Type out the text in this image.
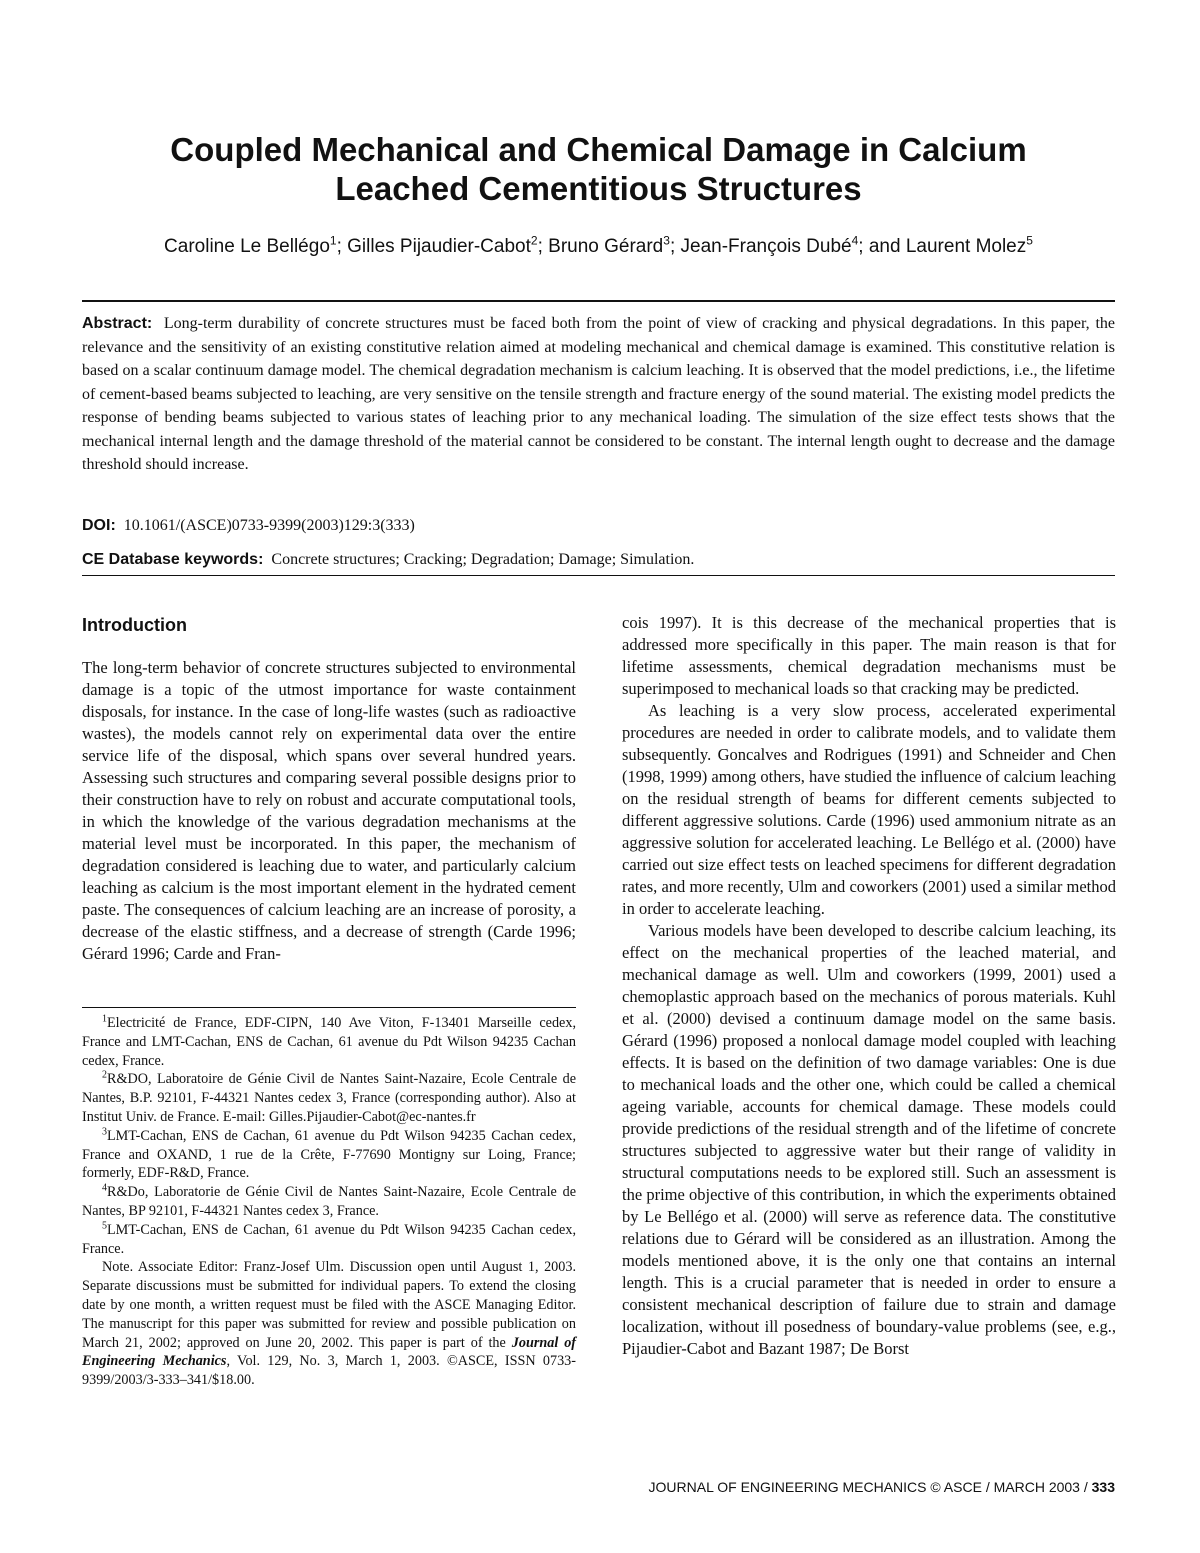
Coupled Mechanical and Chemical Damage in Calcium
Leached Cementitious Structures

Caroline Le Bellégo$^1$; Gilles Pijaudier-Cabot$^2$; Bruno Gérard$^3$; Jean-François Dubé$^4$; and Laurent Molez$^5$

Abstract: Long-term durability of concrete structures must be faced both from the point of view of cracking and physical degradations. In this paper, the relevance and the sensitivity of an existing constitutive relation aimed at modeling mechanical and chemical damage is examined. This constitutive relation is based on a scalar continuum damage model. The chemical degradation mechanism is calcium leaching. It is observed that the model predictions, i.e., the lifetime of cement-based beams subjected to leaching, are very sensitive on the tensile strength and fracture energy of the sound material. The existing model predicts the response of bending beams subjected to various states of leaching prior to any mechanical loading. The simulation of the size effect tests shows that the mechanical internal length and the damage threshold of the material cannot be considered to be constant. The internal length ought to decrease and the damage threshold should increase.

DOI: 10.1061/(ASCE)0733-9399(2003)129:3(333)

CE Database keywords: Concrete structures; Cracking; Degradation; Damage; Simulation.

Introduction

The long-term behavior of concrete structures subjected to environmental damage is a topic of the utmost importance for waste containment disposals, for instance. In the case of long-life wastes (such as radioactive wastes), the models cannot rely on experimental data over the entire service life of the disposal, which spans over several hundred years. Assessing such structures and comparing several possible designs prior to their construction have to rely on robust and accurate computational tools, in which the knowledge of the various degradation mechanisms at the material level must be incorporated. In this paper, the mechanism of degradation considered is leaching due to water, and particularly calcium leaching as calcium is the most important element in the hydrated cement paste. The consequences of calcium leaching are an increase of porosity, a decrease of the elastic stiffness, and a decrease of strength (Carde 1996; Gérard 1996; Carde and Fran-

$^1$Electricité de France, EDF-CIPN, 140 Ave Viton, F-13401 Marseille cedex, France and LMT-Cachan, ENS de Cachan, 61 avenue du Pdt Wilson 94235 Cachan cedex, France.

$^2$R&DO, Laboratoire de Génie Civil de Nantes Saint-Nazaire, Ecole Centrale de Nantes, B.P. 92101, F-44321 Nantes cedex 3, France (corresponding author). Also at Institut Univ. de France. E-mail: Gilles.Pijaudier-Cabot@ec-nantes.fr

$^3$LMT-Cachan, ENS de Cachan, 61 avenue du Pdt Wilson 94235 Cachan cedex, France and OXAND, 1 rue de la Crête, F-77690 Montigny sur Loing, France; formerly, EDF-R&D, France.

$^4$R&Do, Laboratorie de Génie Civil de Nantes Saint-Nazaire, Ecole Centrale de Nantes, BP 92101, F-44321 Nantes cedex 3, France.

$^5$LMT-Cachan, ENS de Cachan, 61 avenue du Pdt Wilson 94235 Cachan cedex, France.

Note. Associate Editor: Franz-Josef Ulm. Discussion open until August 1, 2003. Separate discussions must be submitted for individual papers. To extend the closing date by one month, a written request must be filed with the ASCE Managing Editor. The manuscript for this paper was submitted for review and possible publication on March 21, 2002; approved on June 20, 2002. This paper is part of the Journal of Engineering Mechanics, Vol. 129, No. 3, March 1, 2003. ©ASCE, ISSN 0733-9399/2003/3-333–341/$18.00.

cois 1997). It is this decrease of the mechanical properties that is addressed more specifically in this paper. The main reason is that for lifetime assessments, chemical degradation mechanisms must be superimposed to mechanical loads so that cracking may be predicted.

As leaching is a very slow process, accelerated experimental procedures are needed in order to calibrate models, and to validate them subsequently. Goncalves and Rodrigues (1991) and Schneider and Chen (1998, 1999) among others, have studied the influence of calcium leaching on the residual strength of beams for different cements subjected to different aggressive solutions. Carde (1996) used ammonium nitrate as an aggressive solution for accelerated leaching. Le Bellégo et al. (2000) have carried out size effect tests on leached specimens for different degradation rates, and more recently, Ulm and coworkers (2001) used a similar method in order to accelerate leaching.

Various models have been developed to describe calcium leaching, its effect on the mechanical properties of the leached material, and mechanical damage as well. Ulm and coworkers (1999, 2001) used a chemoplastic approach based on the mechanics of porous materials. Kuhl et al. (2000) devised a continuum damage model on the same basis. Gérard (1996) proposed a nonlocal damage model coupled with leaching effects. It is based on the definition of two damage variables: One is due to mechanical loads and the other one, which could be called a chemical ageing variable, accounts for chemical damage. These models could provide predictions of the residual strength and of the lifetime of concrete structures subjected to aggressive water but their range of validity in structural computations needs to be explored still. Such an assessment is the prime objective of this contribution, in which the experiments obtained by Le Bellégo et al. (2000) will serve as reference data. The constitutive relations due to Gérard will be considered as an illustration. Among the models mentioned above, it is the only one that contains an internal length. This is a crucial parameter that is needed in order to ensure a consistent mechanical description of failure due to strain and damage localization, without ill posedness of boundary-value problems (see, e.g., Pijaudier-Cabot and Bazant 1987; De Borst

JOURNAL OF ENGINEERING MECHANICS © ASCE / MARCH 2003 / 333
